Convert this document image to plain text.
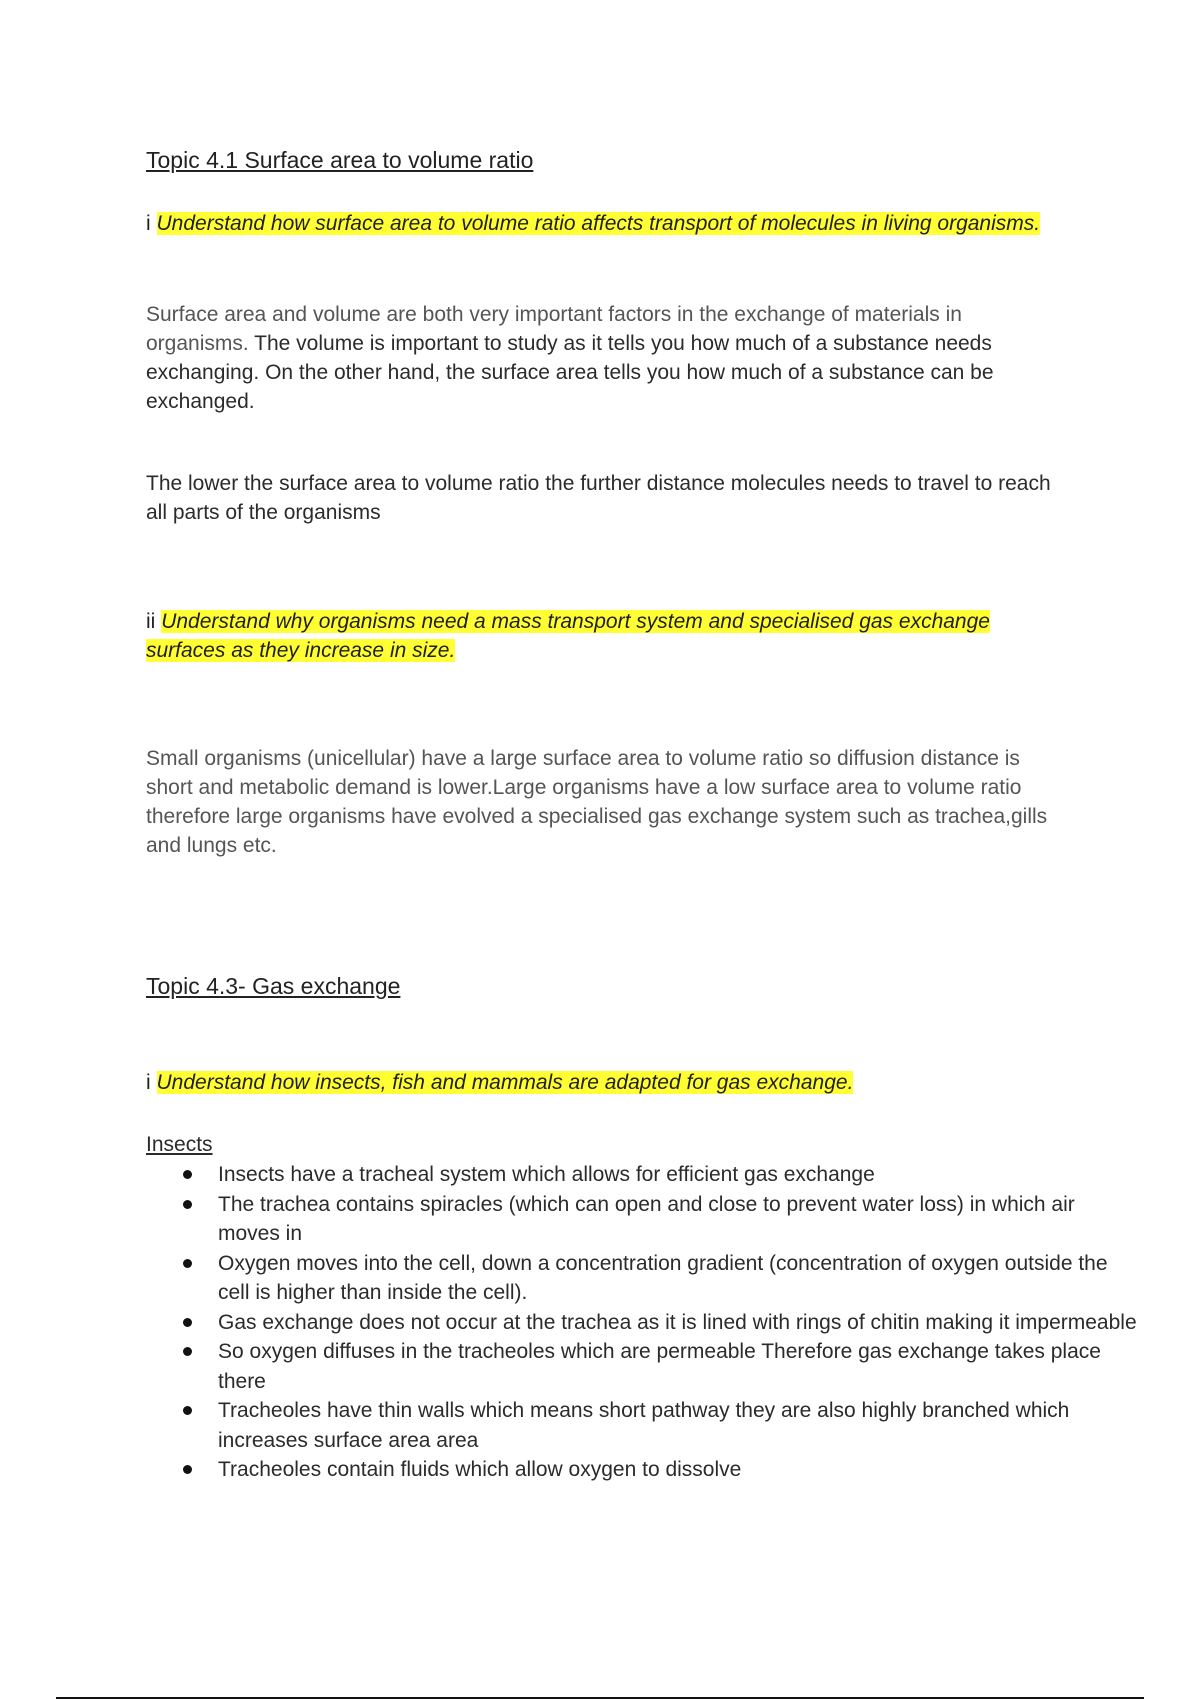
Topic 4.1 Surface area to volume ratio

i Understand how surface area to volume ratio affects transport of molecules in living organisms.

Surface area and volume are both very important factors in the exchange of materials in organisms. The volume is important to study as it tells you how much of a substance needs exchanging. On the other hand, the surface area tells you how much of a substance can be exchanged.

The lower the surface area to volume ratio the further distance molecules needs to travel to reach all parts of the organisms

ii Understand why organisms need a mass transport system and specialised gas exchange surfaces as they increase in size.

Small organisms (unicellular) have a large surface area to volume ratio so diffusion distance is short and metabolic demand is lower.Large organisms have a low surface area to volume ratio therefore large organisms have evolved a specialised gas exchange system such as trachea,gills and lungs etc.

Topic 4.3- Gas exchange

i Understand how insects, fish and mammals are adapted for gas exchange.

Insects

Insects have a tracheal system which allows for efficient gas exchange
The trachea contains spiracles (which can open and close to prevent water loss) in which air moves in
Oxygen moves into the cell, down a concentration gradient (concentration of oxygen outside the cell is higher than inside the cell).
Gas exchange does not occur at the trachea as it is lined with rings of chitin making it impermeable
So oxygen diffuses in the tracheoles which are permeable Therefore gas exchange takes place there
Tracheoles have thin walls which means short pathway they are also highly branched which increases surface area area
Tracheoles contain fluids which allow oxygen to dissolve
